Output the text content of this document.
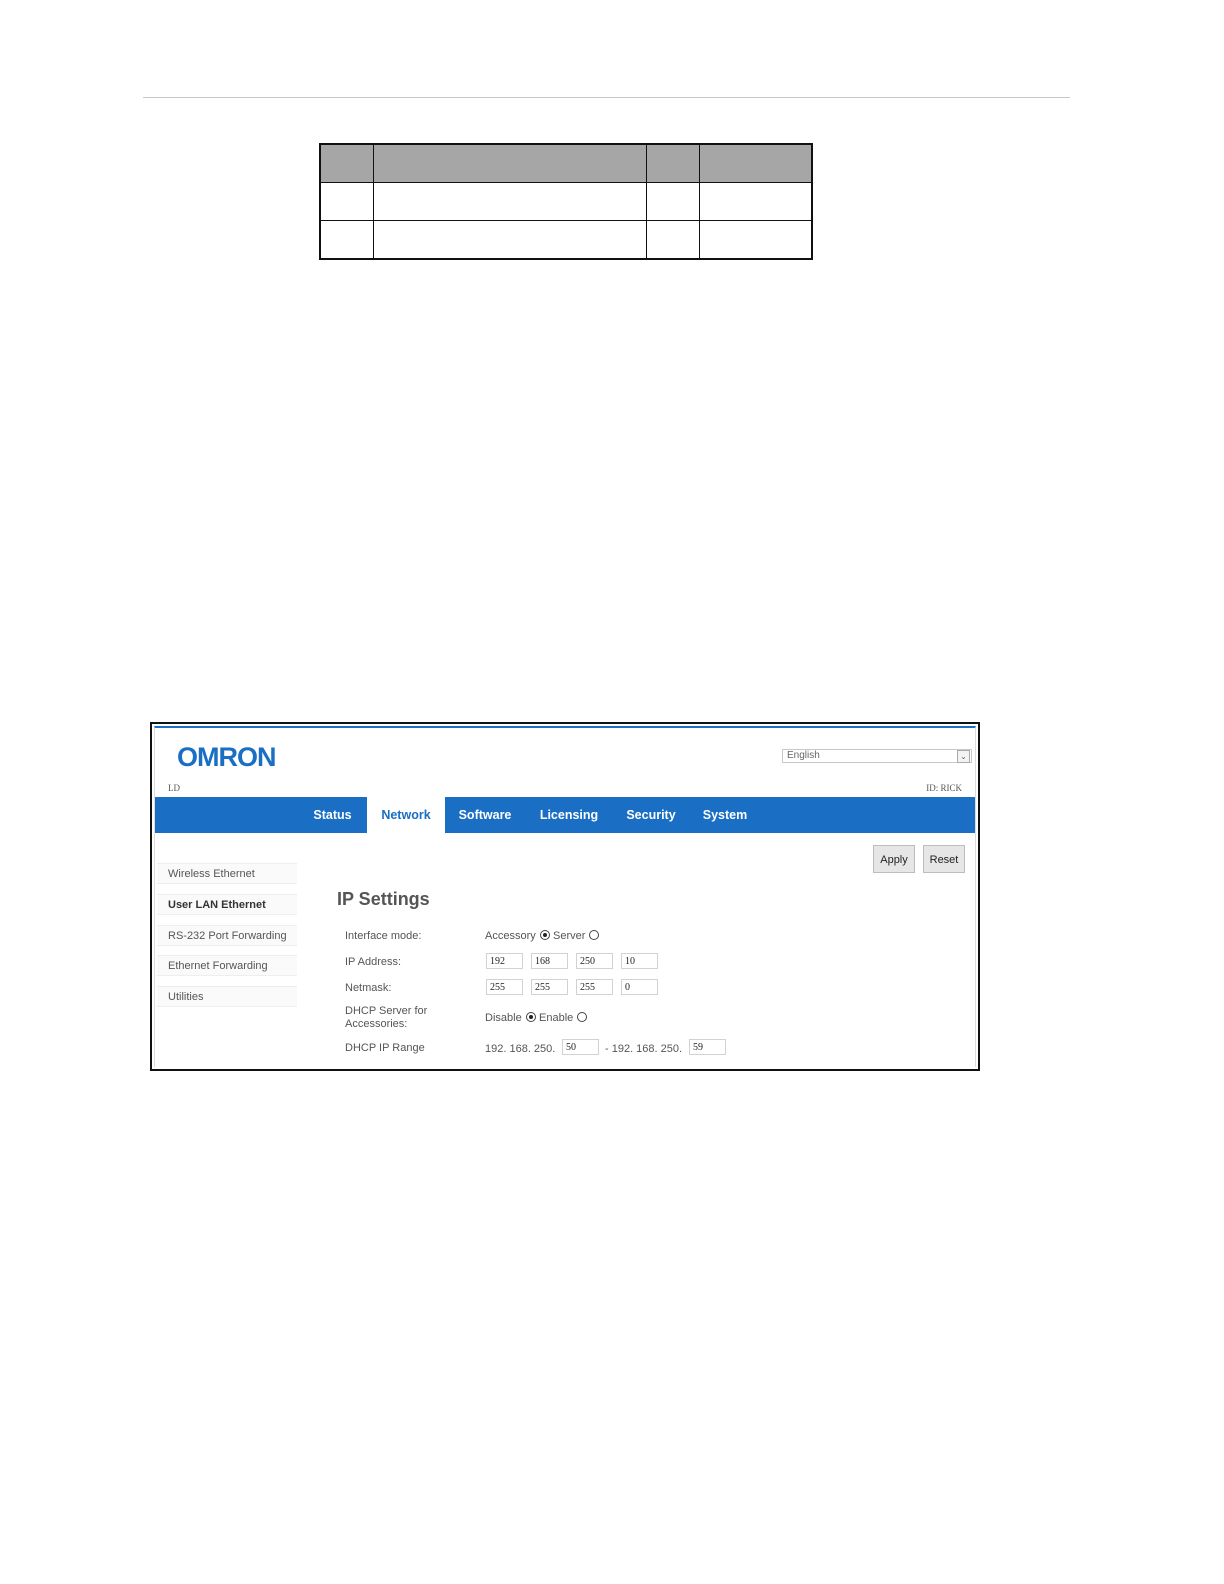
OMRON	English	⌄
LD	ID: RICK
Status	Network	Software	Licensing	Security	System
Wireless Ethernet
User LAN Ethernet
RS-232 Port Forwarding
Ethernet Forwarding
Utilities
Apply	Reset
IP Settings
Interface mode:	Accessory Server
IP Address:	192	168	250	10
Netmask:	255	255	255	0
DHCP Server for
Accessories:	Disable Enable
DHCP IP Range	192. 168. 250.	50	- 192. 168. 250.	59
